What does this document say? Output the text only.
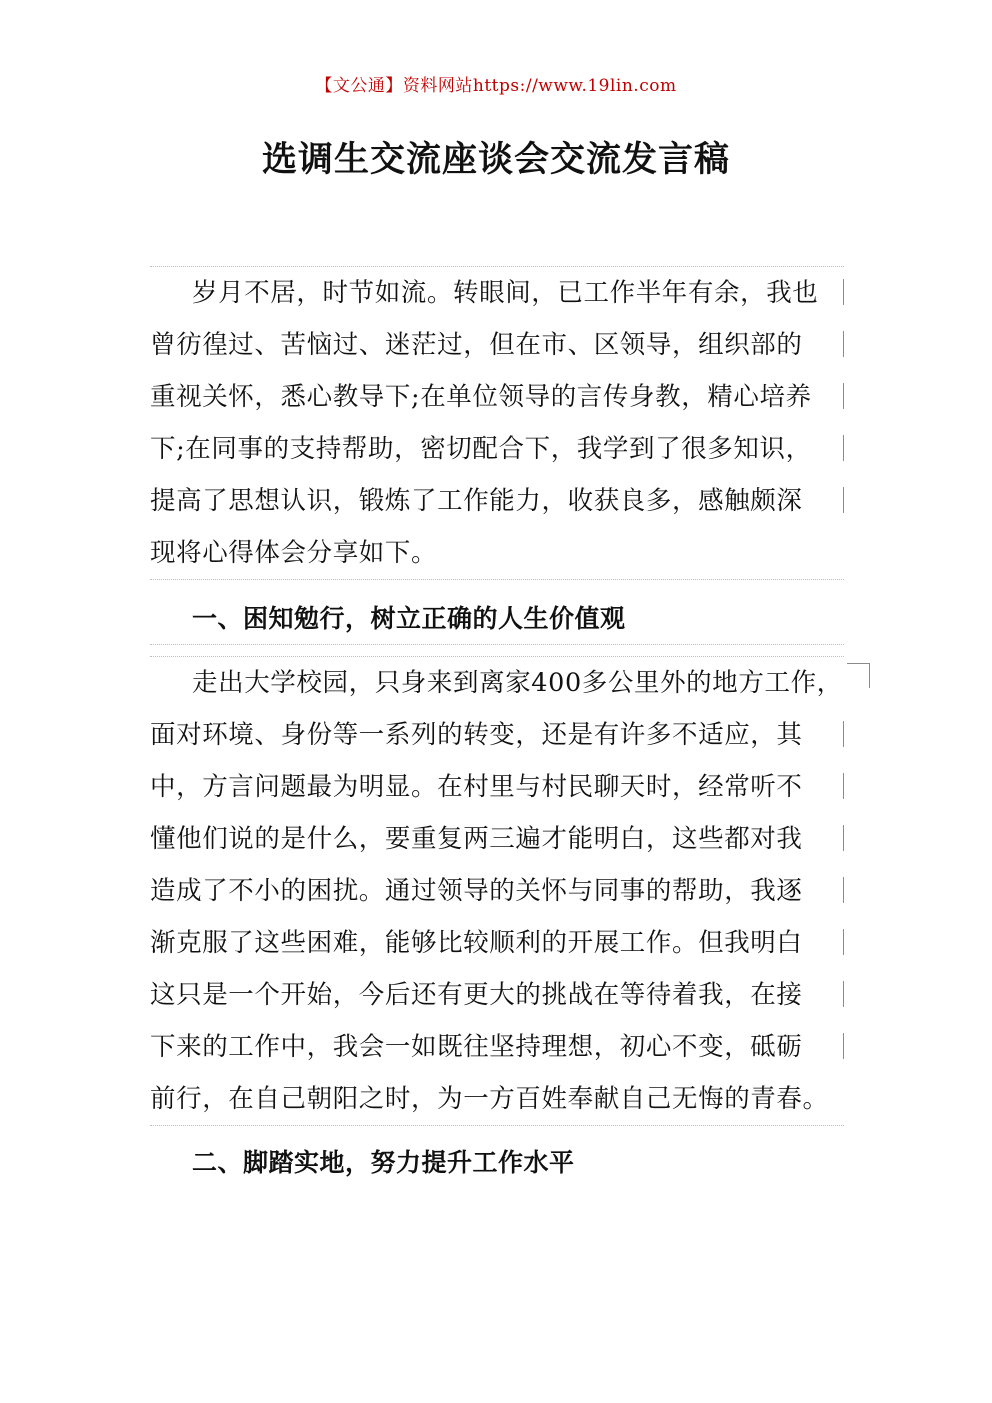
【文公通】资料网站https://www.19lin.com
选调生交流座谈会交流发言稿
岁月不居，时节如流。转眼间，已工作半年有余，我也
曾彷徨过、苦恼过、迷茫过，但在市、区领导，组织部的
重视关怀，悉心教导下;在单位领导的言传身教，精心培养
下;在同事的支持帮助，密切配合下，我学到了很多知识，
提高了思想认识，锻炼了工作能力，收获良多，感触颇深
现将心得体会分享如下。
一、困知勉行，树立正确的人生价值观
走出大学校园，只身来到离家400多公里外的地方工作，
面对环境、身份等一系列的转变，还是有许多不适应，其
中，方言问题最为明显。在村里与村民聊天时，经常听不
懂他们说的是什么，要重复两三遍才能明白，这些都对我
造成了不小的困扰。通过领导的关怀与同事的帮助，我逐
渐克服了这些困难，能够比较顺利的开展工作。但我明白
这只是一个开始，今后还有更大的挑战在等待着我，在接
下来的工作中，我会一如既往坚持理想，初心不变，砥砺
前行，在自己朝阳之时，为一方百姓奉献自己无悔的青春。
二、脚踏实地，努力提升工作水平
